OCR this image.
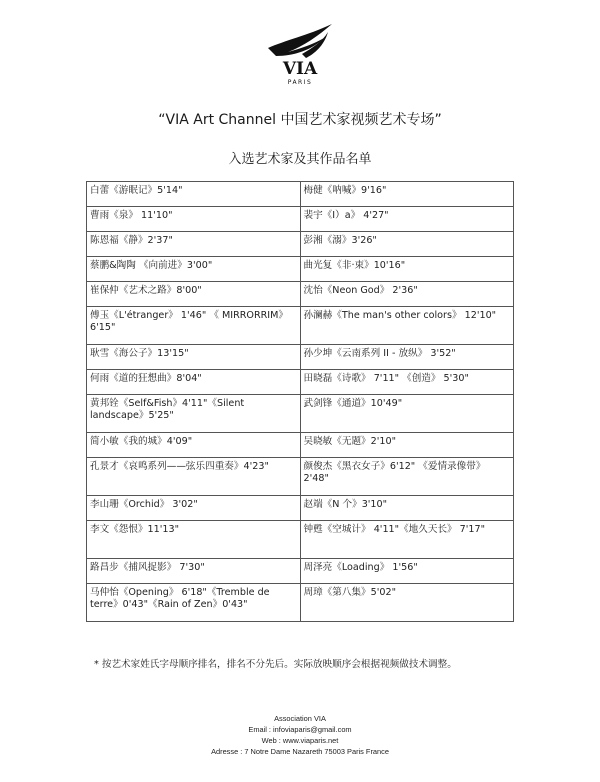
VIA
PARIS
“VIA Art Channel 中国艺术家视频艺术专场”
入选艺术家及其作品名单
白蕾《游眠记》5'14"	梅健《呐喊》9'16"
曹雨《泉》 11'10"	裴宇《I）a》 4'27"
陈恩福《静》2'37"	彭湘《溺》3'26"
蔡鹏&陶陶 《向前进》3'00"	曲光复《非·束》10'16"
崔保仲《艺术之路》8'00"	沈怡《Neon God》 2'36"
傅玉《L'étranger》 1'46" 《 MIRRORRIM》 6'15"	孙澜赫《The man's other colors》 12'10"
耿雪《海公子》13'15"	孙少坤《云南系列 II - 放纵》 3'52"
何雨《道的狂想曲》8'04"	田晓磊《诗歌》 7'11" 《创造》 5'30"
黄邦铨《Self&Fish》4'11"《Silent landscape》5'25"	武剑锋《通道》10'49"
简小敏《我的城》4'09"	吴晓敏《无题》2'10"
孔景才《哀鸣系列——弦乐四重奏》4'23"	颜俊杰《黑衣女子》6'12" 《爱情录像带》2'48"
李山珊《Orchid》 3'02"	赵端《N 个》3'10"
李文《怨恨》11'13"	钟甦《空城计》 4'11"《地久天长》 7'17"
路昌步《捕风捉影》 7'30"	周泽亮《Loading》 1'56"
马仲怡《Opening》 6'18"《Tremble de terre》0'43"《Rain of Zen》0'43"	周璋《第八集》5'02"
* 按艺术家姓氏字母顺序排名，排名不分先后。实际放映顺序会根据视频做技术调整。
Association VIA
Email : infoviaparis@gmail.com
Web : www.viaparis.net
Adresse : 7 Notre Dame Nazareth 75003 Paris France
